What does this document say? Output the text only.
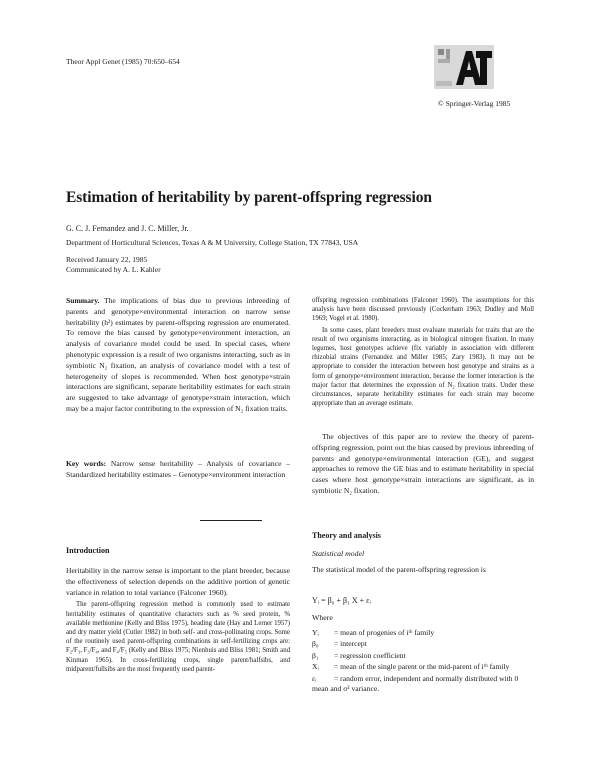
Theor Appl Genet (1985) 70:650–654
© Springer-Verlag 1985
Estimation of heritability by parent-offspring regression
G. C. J. Fernandez and J. C. Miller, Jr.
Department of Horticultural Sciences, Texas A & M University, College Station, TX 77843, USA
Received January 22, 1985
Communicated by A. L. Kahler
Summary. The implications of bias due to previous inbreeding of parents and genotype×environmental interaction on narrow sense heritability (h²) estimates by parent-offspring regression are enumerated. To remove the bias caused by genotype×environment interaction, an analysis of covariance model could be used. In special cases, where phenotypic expression is a result of two organisms interacting, such as in symbiotic N₂ fixation, an analysis of covariance model with a test of heterogeneity of slopes is recommended. When host genotype×strain interactions are significant, separate heritability estimates for each strain are suggested to take advantage of genotype×strain interaction, which may be a major factor contributing to the expression of N₂ fixation traits.
Key words: Narrow sense heritability – Analysis of covariance – Standardized heritability estimates – Genotype×environment interaction
Introduction

Heritability in the narrow sense is important to the plant breeder, because the effectiveness of selection depends on the additive portion of genetic variance in relation to total variance (Falconer 1960).

The parent-offspring regression method is commonly used to estimate heritability estimates of quantitative characters such as % seed protein, % available methionine (Kelly and Bliss 1975), heading date (Hay and Lerner 1957) and dry matter yield (Cutler 1982) in both self- and cross-pollinating crops. Some of the routinely used parent-offspring combinations in self-fertilizing crops are: F₂/F₃, F₃/F₄, and F₄/F₅ (Kelly and Bliss 1975; Nienhuis and Bliss 1981; Smith and Kinman 1965). In cross-fertilizing crops, single parent/halfsibs, and midparent/fullsibs are the most frequently used parent-

offspring regression combinations (Falconer 1960). The assumptions for this analysis have been discussed previously (Cockerham 1963; Dudley and Moll 1969; Vogel et al. 1980).

In some cases, plant breeders must evaluate materials for traits that are the result of two organisms interacting, as in biological nitrogen fixation. In many legumes, host genotypes achieve (fix variably in association with different rhizobial strains (Fernandez and Miller 1985; Zary 1983). It may not be appropriate to consider the interaction between host genotype and strains as a form of genotype×environment interaction, because the former interaction is the major factor that determines the expression of N₂ fixation traits. Under these circumstances, separate heritability estimates for each strain may become appropriate than an average estimate.

The objectives of this paper are to review the theory of parent-offspring regression, point out the bias caused by previous inbreeding of parents and genotype×environmental interaction (GE), and suggest approaches to remove the GE bias and to estimate heritability in special cases where host genotype×strain interactions are significant, as in symbiotic N₂ fixation.

Theory and analysis
Statistical model
The statistical model of the parent-offspring regression is
Yᵢ = β₀ + β₁ X + εᵢ
Where
Yᵢ = mean of progenies of iᵗʰ family
β₀ = intercept
β₁ = regression coefficient
Xᵢ = mean of the single parent or the mid-parent of iᵗʰ family
εᵢ = random error, independent and normally distributed with 0 mean and σ² variance.
